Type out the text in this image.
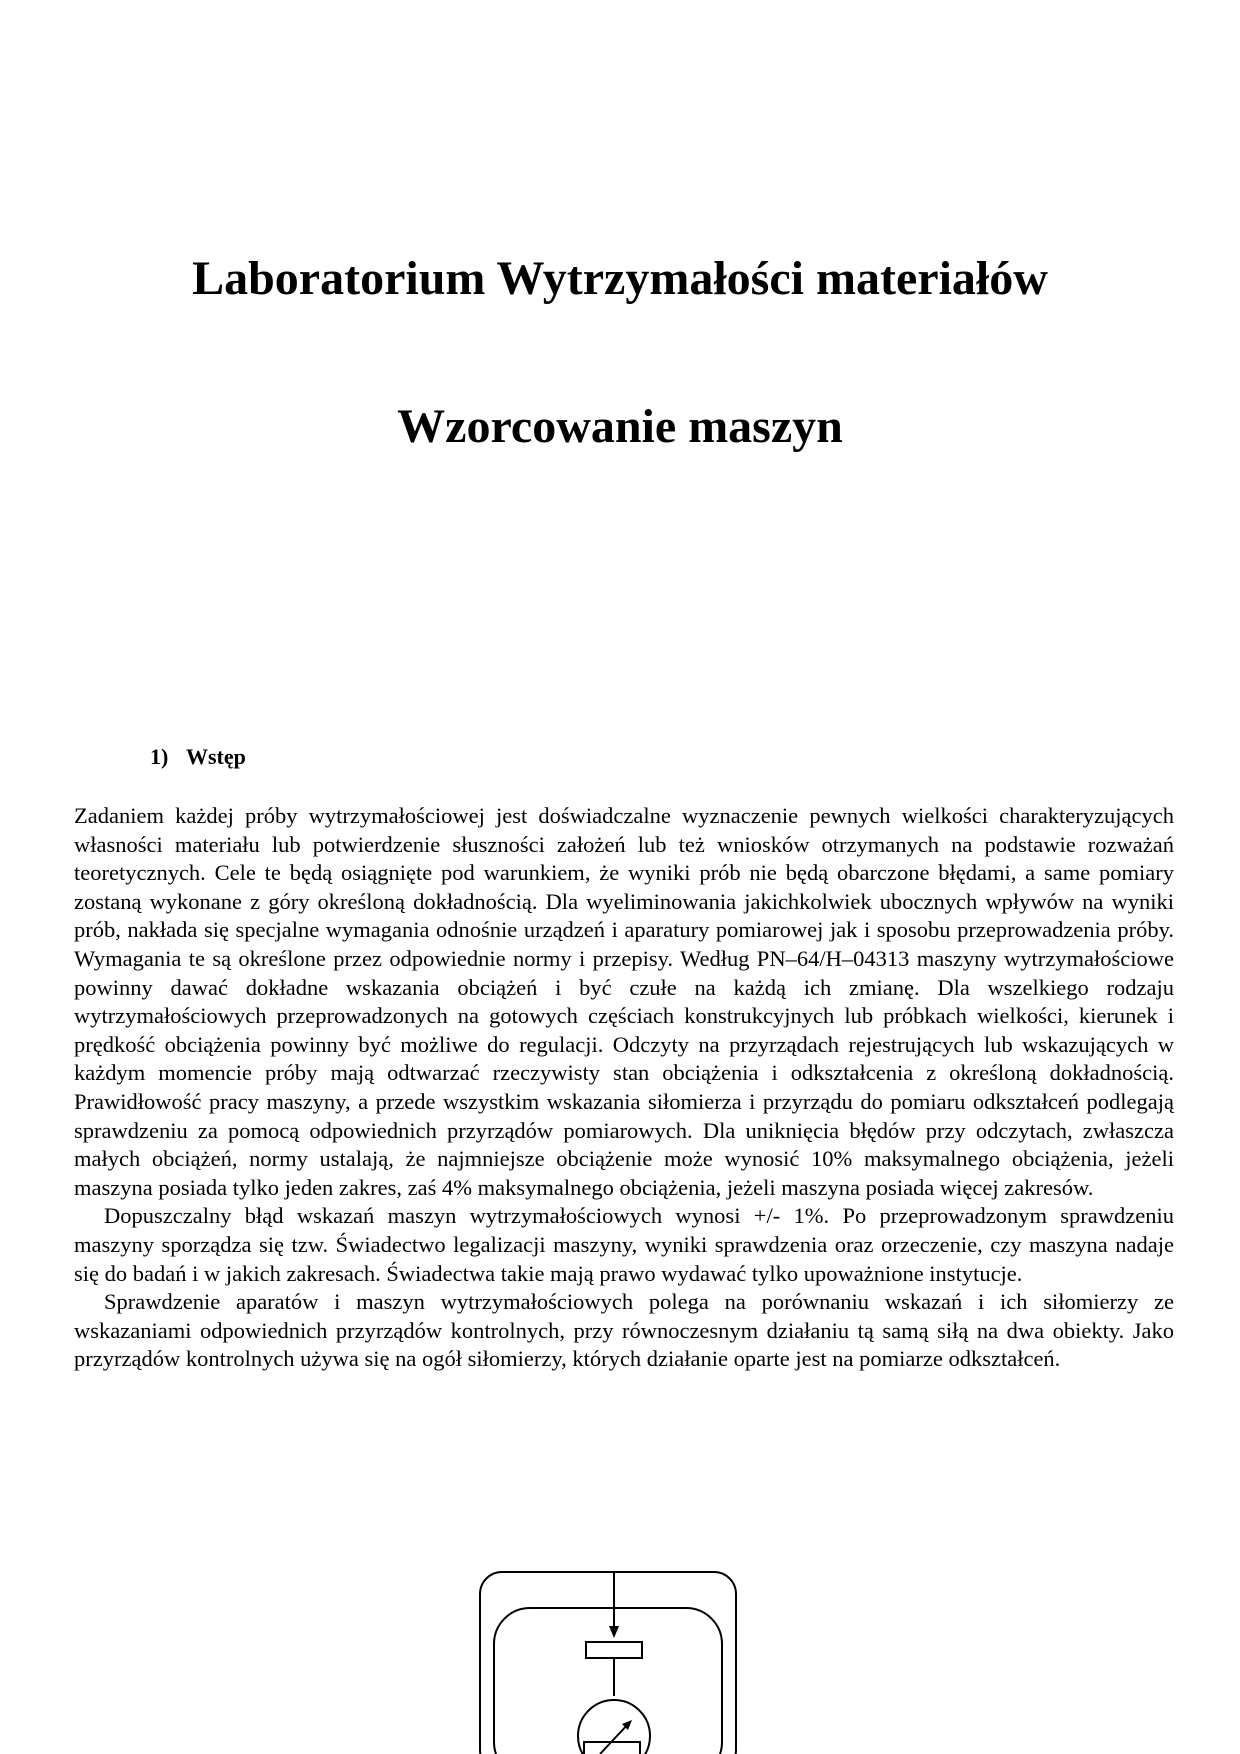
Laboratorium Wytrzymałości materiałów
Wzorcowanie maszyn
1) Wstęp

Zadaniem każdej próby wytrzymałościowej jest doświadczalne wyznaczenie pewnych wielkości charakteryzujących własności materiału lub potwierdzenie słuszności założeń lub też wniosków otrzymanych na podstawie rozważań teoretycznych. Cele te będą osiągnięte pod warunkiem, że wyniki prób nie będą obarczone błędami, a same pomiary zostaną wykonane z góry określoną dokładnością. Dla wyeliminowania jakichkolwiek ubocznych wpływów na wyniki prób, nakłada się specjalne wymagania odnośnie urządzeń i aparatury pomiarowej jak i sposobu przeprowadzenia próby. Wymagania te są określone przez odpowiednie normy i przepisy. Według PN–64/H–04313 maszyny wytrzymałościowe powinny dawać dokładne wskazania obciążeń i być czułe na każdą ich zmianę. Dla wszelkiego rodzaju wytrzymałościowych przeprowadzonych na gotowych częściach konstrukcyjnych lub próbkach wielkości, kierunek i prędkość obciążenia powinny być możliwe do regulacji. Odczyty na przyrządach rejestrujących lub wskazujących w każdym momencie próby mają odtwarzać rzeczywisty stan obciążenia i odkształcenia z określoną dokładnością. Prawidłowość pracy maszyny, a przede wszystkim wskazania siłomierza i przyrządu do pomiaru odkształceń podlegają sprawdzeniu za pomocą odpowiednich przyrządów pomiarowych. Dla uniknięcia błędów przy odczytach, zwłaszcza małych obciążeń, normy ustalają, że najmniejsze obciążenie może wynosić 10% maksymalnego obciążenia, jeżeli maszyna posiada tylko jeden zakres, zaś 4% maksymalnego obciążenia, jeżeli maszyna posiada więcej zakresów.

Dopuszczalny błąd wskazań maszyn wytrzymałościowych wynosi +/- 1%. Po przeprowadzonym sprawdzeniu maszyny sporządza się tzw. Świadectwo legalizacji maszyny, wyniki sprawdzenia oraz orzeczenie, czy maszyna nadaje się do badań i w jakich zakresach. Świadectwa takie mają prawo wydawać tylko upoważnione instytucje.

Sprawdzenie aparatów i maszyn wytrzymałościowych polega na porównaniu wskazań i ich siłomierzy ze wskazaniami odpowiednich przyrządów kontrolnych, przy równoczesnym działaniu tą samą siłą na dwa obiekty. Jako przyrządów kontrolnych używa się na ogół siłomierzy, których działanie oparte jest na pomiarze odkształceń.
